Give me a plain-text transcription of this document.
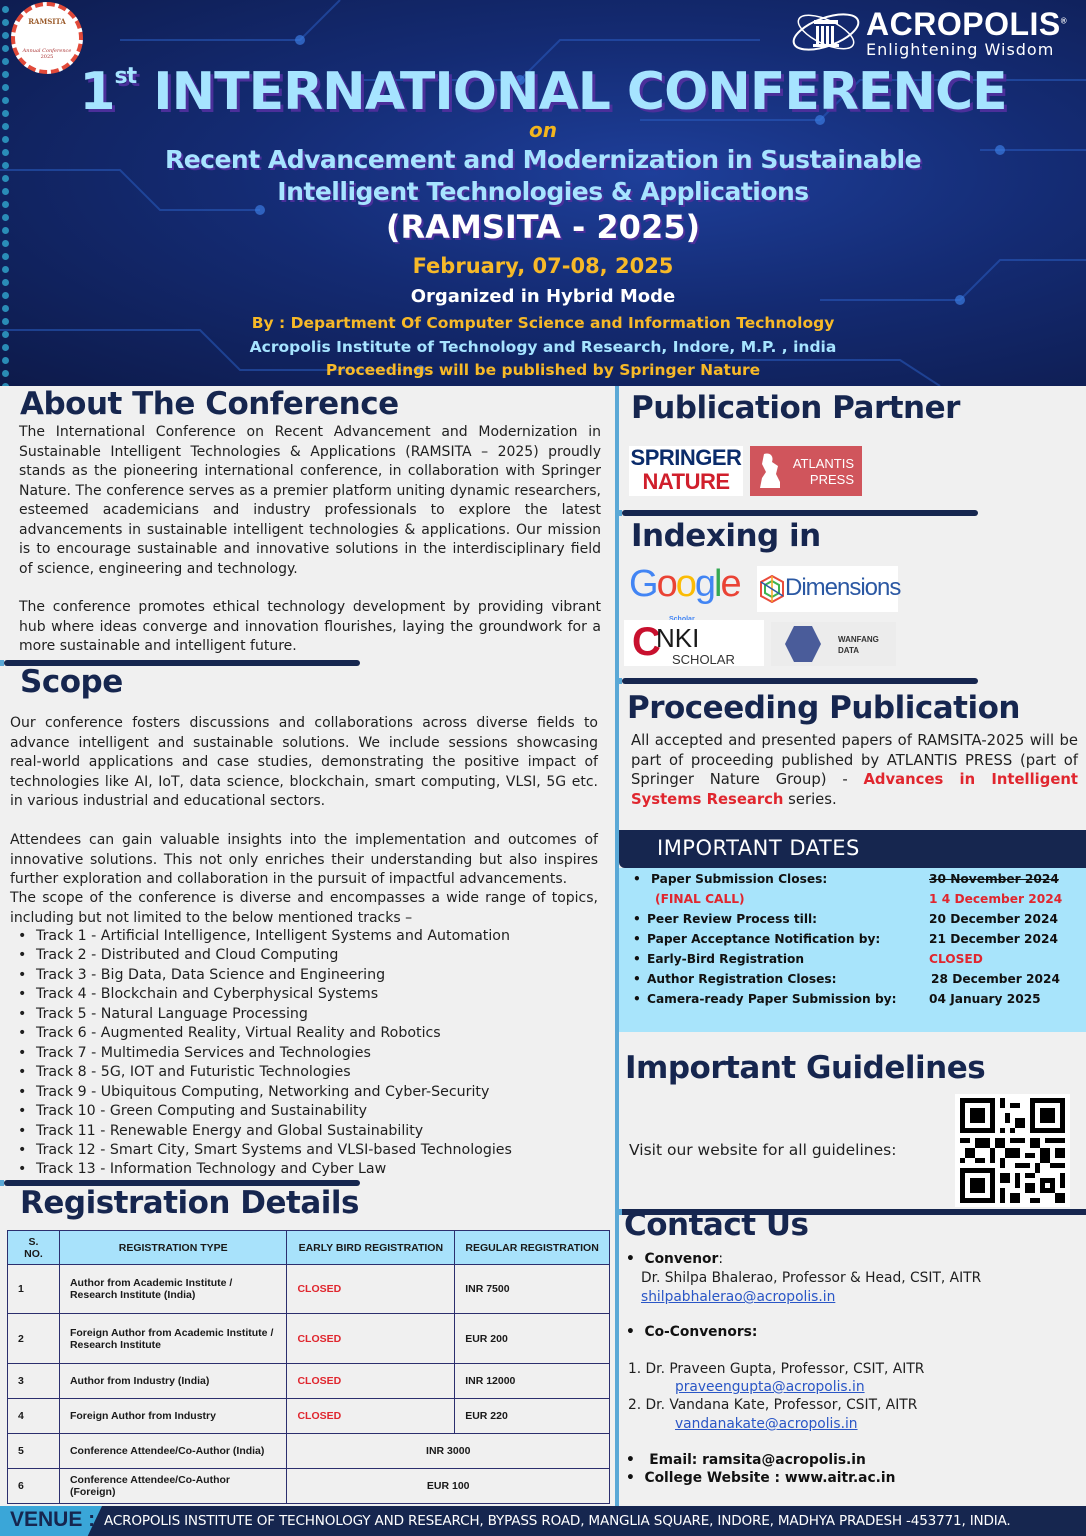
RAMSITA
Annual Conference
2025
ACROPOLIS®
Enlightening Wisdom
1st INTERNATIONAL CONFERENCE
on
Recent Advancement and Modernization in Sustainable
Intelligent Technologies & Applications
(RAMSITA - 2025)
February, 07-08, 2025
Organized in Hybrid Mode
By : Department Of Computer Science and Information Technology
Acropolis Institute of Technology and Research, Indore, M.P. , india
Proceedings will be published by Springer Nature
About The Conference
The International Conference on Recent Advancement and Modernization in Sustainable Intelligent Technologies & Applications (RAMSITA – 2025) proudly stands as the pioneering international conference, in collaboration with Springer Nature. The conference serves as a premier platform uniting dynamic researchers, esteemed academicians and industry professionals to explore the latest advancements in sustainable intelligent technologies & applications. Our mission is to encourage sustainable and innovative solutions in the interdisciplinary field of science, engineering and technology.
The conference promotes ethical technology development by providing vibrant hub where ideas converge and innovation flourishes, laying the groundwork for a more sustainable and intelligent future.
Scope
Our conference fosters discussions and collaborations across diverse fields to advance intelligent and sustainable solutions. We include sessions showcasing real-world applications and case studies, demonstrating the positive impact of technologies like AI, IoT, data science, blockchain, smart computing, VLSI, 5G etc. in various industrial and educational sectors.
Attendees can gain valuable insights into the implementation and outcomes of innovative solutions. This not only enriches their understanding but also inspires further exploration and collaboration in the pursuit of impactful advancements.
The scope of the conference is diverse and encompasses a wide range of topics, including but not limited to the below mentioned tracks –
• Track 1 - Artificial Intelligence, Intelligent Systems and Automation
• Track 2 - Distributed and Cloud Computing
• Track 3 - Big Data, Data Science and Engineering
• Track 4 - Blockchain and Cyberphysical Systems
• Track 5 - Natural Language Processing
• Track 6 - Augmented Reality, Virtual Reality and Robotics
• Track 7 - Multimedia Services and Technologies
• Track 8 - 5G, IOT and Futuristic Technologies
• Track 9 - Ubiquitous Computing, Networking and Cyber-Security
• Track 10 - Green Computing and Sustainability
• Track 11 - Renewable Energy and Global Sustainability
• Track 12 - Smart City, Smart Systems and VLSI-based Technologies
• Track 13 - Information Technology and Cyber Law
Registration Details
S. NO.	REGISTRATION TYPE	EARLY BIRD REGISTRATION	REGULAR REGISTRATION
1	Author from Academic Institute / Research Institute (India)	CLOSED	INR 7500
2	Foreign Author from Academic Institute / Research Institute	CLOSED	EUR 200
3	Author from Industry (India)	CLOSED	INR 12000
4	Foreign Author from Industry	CLOSED	EUR 220
5	Conference Attendee/Co-Author (India)	INR 3000	
6	Conference Attendee/Co-Author (Foreign)	EUR 100	
Publication Partner
SPRINGER
NATURE
ATLANTIS
PRESS
Indexing in
Google	Dimensions
C
NKI
SCHOLAR
WANFANG
DATA
Proceeding Publication
All accepted and presented papers of RAMSITA-2025 will be part of proceeding published by ATLANTIS PRESS (part of Springer Nature Group) - Advances in Intelligent Systems Research series.
IMPORTANT DATES
• Paper Submission Closes:	30 November 2024
(FINAL CALL)	1 4 December 2024
• Peer Review Process till:	20 December 2024
• Paper Acceptance Notification by:	21 December 2024
• Early-Bird Registration	CLOSED
• Author Registration Closes:	28 December 2024
• Camera-ready Paper Submission by:	04 January 2025
Important Guidelines
Visit our website for all guidelines:
Contact Us
•  Convenor:
Dr. Shilpa Bhalerao, Professor & Head, CSIT, AITR
shilpabhalerao@acropolis.in
•  Co-Convenors:
1. Dr. Praveen Gupta, Professor, CSIT, AITR
praveengupta@acropolis.in
2. Dr. Vandana Kate, Professor, CSIT, AITR
vandanakate@acropolis.in
•   Email: ramsita@acropolis.in
•  College Website : www.aitr.ac.in
VENUE : ACROPOLIS INSTITUTE OF TECHNOLOGY AND RESEARCH, BYPASS ROAD, MANGLIA SQUARE, INDORE, MADHYA PRADESH -453771, INDIA.
